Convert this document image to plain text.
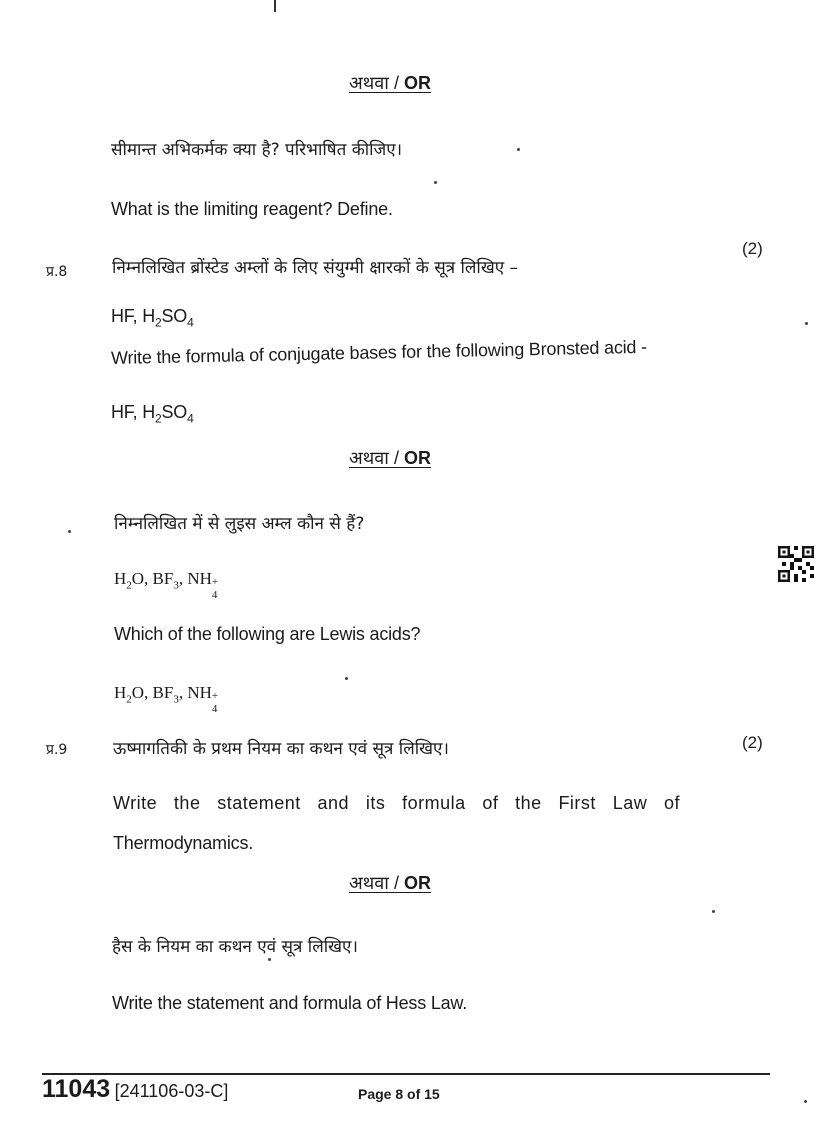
अथवा / OR
सीमान्त अभिकर्मक क्या है? परिभाषित कीजिए।
What is the limiting reagent? Define.
प्र.8
(2)
निम्नलिखित ब्रोंस्टेड अम्लों के लिए संयुग्मी क्षारकों के सूत्र लिखिए –
HF, $H_2SO_4$
Write the formula of conjugate bases for the following Bronsted acid -
HF, $H_2SO_4$
अथवा / OR
निम्नलिखित में से लुइस अम्ल कौन से हैं?
$H_2O$, $BF_3$, NH +
4
Which of the following are Lewis acids?
$H_2O$, $BF_3$, NH +
4
प्र.9	(2)
ऊष्मागतिकी के प्रथम नियम का कथन एवं सूत्र लिखिए।
Write the statement and its formula of the First Law of
Thermodynamics.
अथवा / OR
हैस के नियम का कथन एवं सूत्र लिखिए।
Write the statement and formula of Hess Law.
11043 [241106-03-C]	Page 8 of 15
